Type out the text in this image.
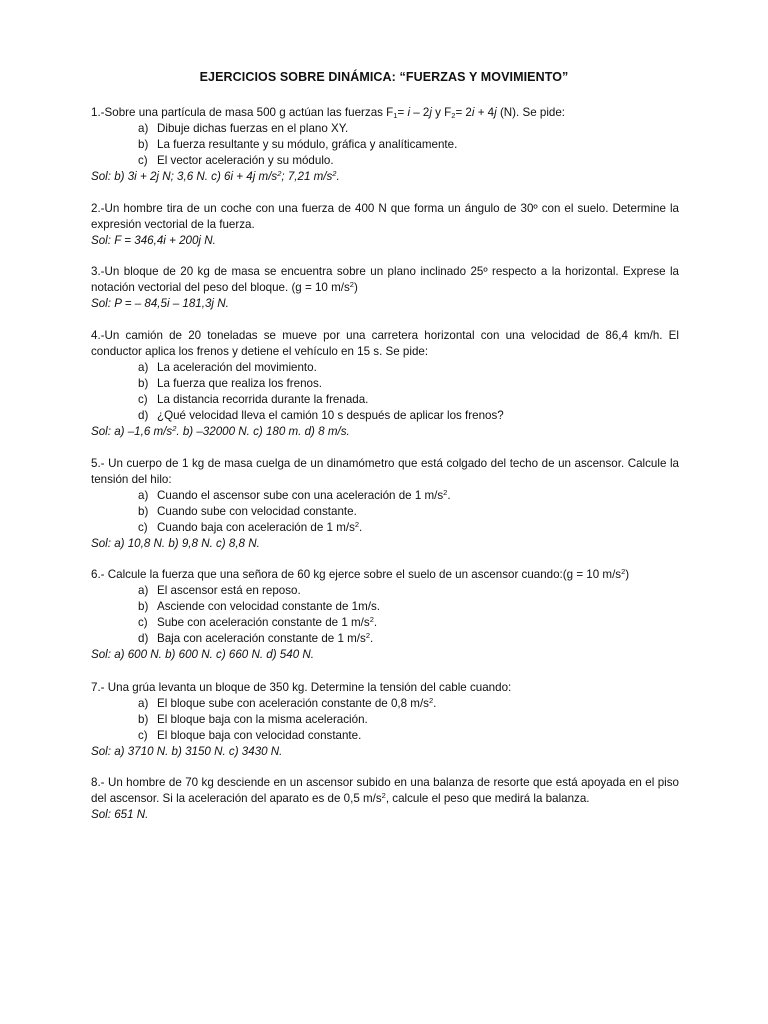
EJERCICIOS SOBRE DINÁMICA: “FUERZAS Y MOVIMIENTO”

1.-Sobre una partícula de masa 500 g actúan las fuerzas $F_1= i - 2j$ y $F_2= 2i + 4j$ (N). Se pide:

a) Dibuje dichas fuerzas en el plano XY.
b) La fuerza resultante y su módulo, gráfica y analíticamente.
c) El vector aceleración y su módulo.

Sol: b) 3i + 2j N; 3,6 N. c) 6i + 4j $m/s^2$; 7,21 $m/s^2$.

2.-Un hombre tira de un coche con una fuerza de 400 N que forma un ángulo de 30º con el suelo. Determine la expresión vectorial de la fuerza.

Sol: F = 346,4i + 200j N.

3.-Un bloque de 20 kg de masa se encuentra sobre un plano inclinado 25º respecto a la horizontal. Exprese la notación vectorial del peso del bloque. (g = 10 $m/s^2$)

Sol: P = – 84,5i – 181,3j N.

4.-Un camión de 20 toneladas se mueve por una carretera horizontal con una velocidad de 86,4 km/h. El conductor aplica los frenos y detiene el vehículo en 15 s. Se pide:

a) La aceleración del movimiento.
b) La fuerza que realiza los frenos.
c) La distancia recorrida durante la frenada.
d) ¿Qué velocidad lleva el camión 10 s después de aplicar los frenos?

Sol: a) –1,6 $m/s^2$. b) –32000 N. c) 180 m. d) 8 m/s.

5.- Un cuerpo de 1 kg de masa cuelga de un dinamómetro que está colgado del techo de un ascensor. Calcule la tensión del hilo:

a) Cuando el ascensor sube con una aceleración de 1 $m/s^2$.
b) Cuando sube con velocidad constante.
c) Cuando baja con aceleración de 1 $m/s^2$.

Sol: a) 10,8 N. b) 9,8 N. c) 8,8 N.

6.- Calcule la fuerza que una señora de 60 kg ejerce sobre el suelo de un ascensor cuando:(g = 10 $m/s^2$)

a) El ascensor está en reposo.
b) Asciende con velocidad constante de 1m/s.
c) Sube con aceleración constante de 1 $m/s^2$.
d) Baja con aceleración constante de 1 $m/s^2$.

Sol: a) 600 N. b) 600 N. c) 660 N. d) 540 N.

7.- Una grúa levanta un bloque de 350 kg. Determine la tensión del cable cuando:

a) El bloque sube con aceleración constante de 0,8 $m/s^2$.
b) El bloque baja con la misma aceleración.
c) El bloque baja con velocidad constante.

Sol: a) 3710 N. b) 3150 N. c) 3430 N.

8.- Un hombre de 70 kg desciende en un ascensor subido en una balanza de resorte que está apoyada en el piso del ascensor. Si la aceleración del aparato es de 0,5 $m/s^2$, calcule el peso que medirá la balanza.

Sol: 651 N.
